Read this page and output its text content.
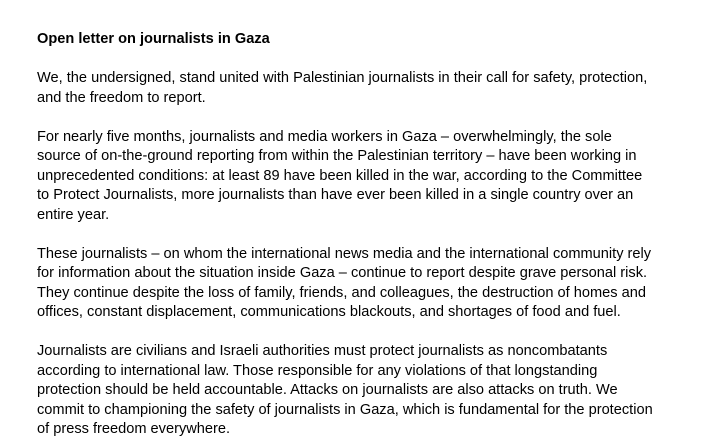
Open letter on journalists in Gaza

We, the undersigned, stand united with Palestinian journalists in their call for safety, protection,
and the freedom to report.

For nearly five months, journalists and media workers in Gaza – overwhelmingly, the sole
source of on-the-ground reporting from within the Palestinian territory – have been working in
unprecedented conditions: at least 89 have been killed in the war, according to the Committee
to Protect Journalists, more journalists than have ever been killed in a single country over an
entire year.

These journalists – on whom the international news media and the international community rely
for information about the situation inside Gaza – continue to report despite grave personal risk.
They continue despite the loss of family, friends, and colleagues, the destruction of homes and
offices, constant displacement, communications blackouts, and shortages of food and fuel.

Journalists are civilians and Israeli authorities must protect journalists as noncombatants
according to international law. Those responsible for any violations of that longstanding
protection should be held accountable. Attacks on journalists are also attacks on truth. We
commit to championing the safety of journalists in Gaza, which is fundamental for the protection
of press freedom everywhere.
